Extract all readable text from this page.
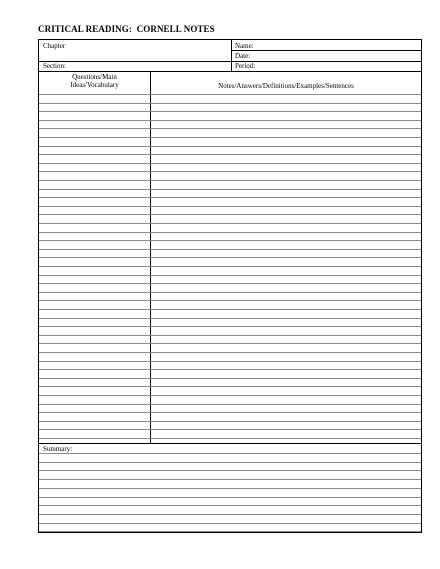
CRITICAL READING:  CORNELL NOTES
Chapter	Name:
Date:
Section:	Period:
Questions/Main
Ideas/Vocabulary	Notes/Answers/Definitions/Examples/Sentences
Summary:
